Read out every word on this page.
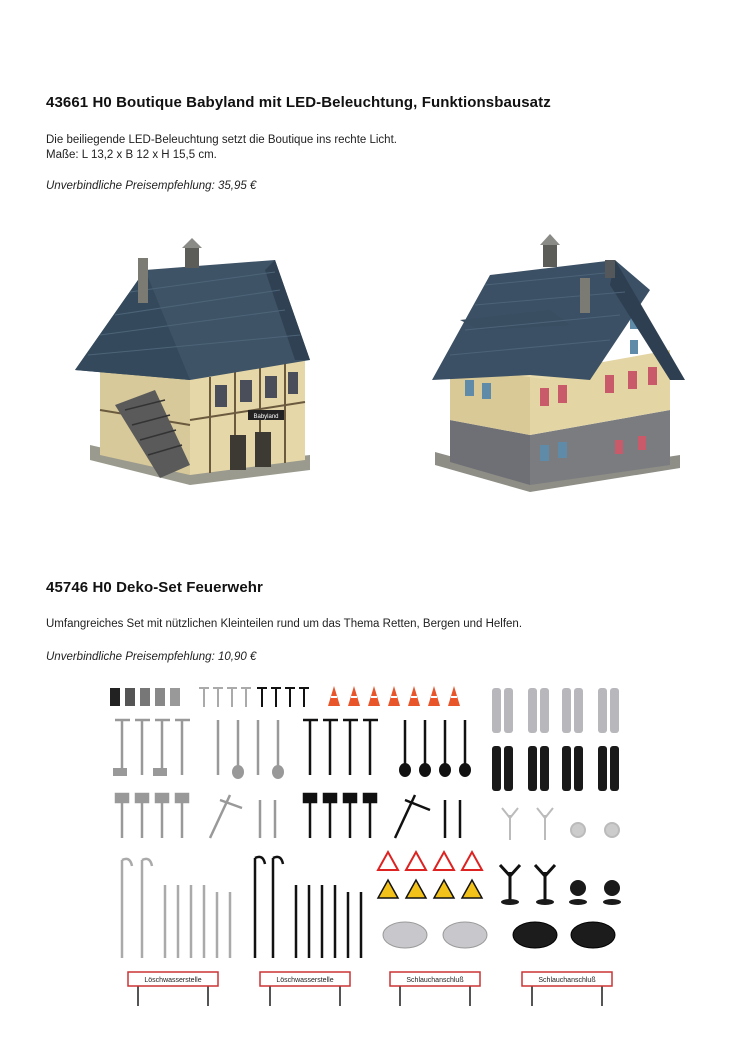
43661 H0 Boutique Babyland mit LED-Beleuchtung, Funktionsbausatz

Die beiliegende LED-Beleuchtung setzt die Boutique ins rechte Licht.

Maße: L 13,2 x B 12 x H 15,5 cm.

Unverbindliche Preisempfehlung: 35,95 €

Babyland
45746 H0 Deko-Set Feuerwehr

Umfangreiches Set mit nützlichen Kleinteilen rund um das Thema Retten, Bergen und Helfen.

Unverbindliche Preisempfehlung: 10,90 €

Löschwasserstelle	Löschwasserstelle	Schlauchanschluß	Schlauchanschluß
